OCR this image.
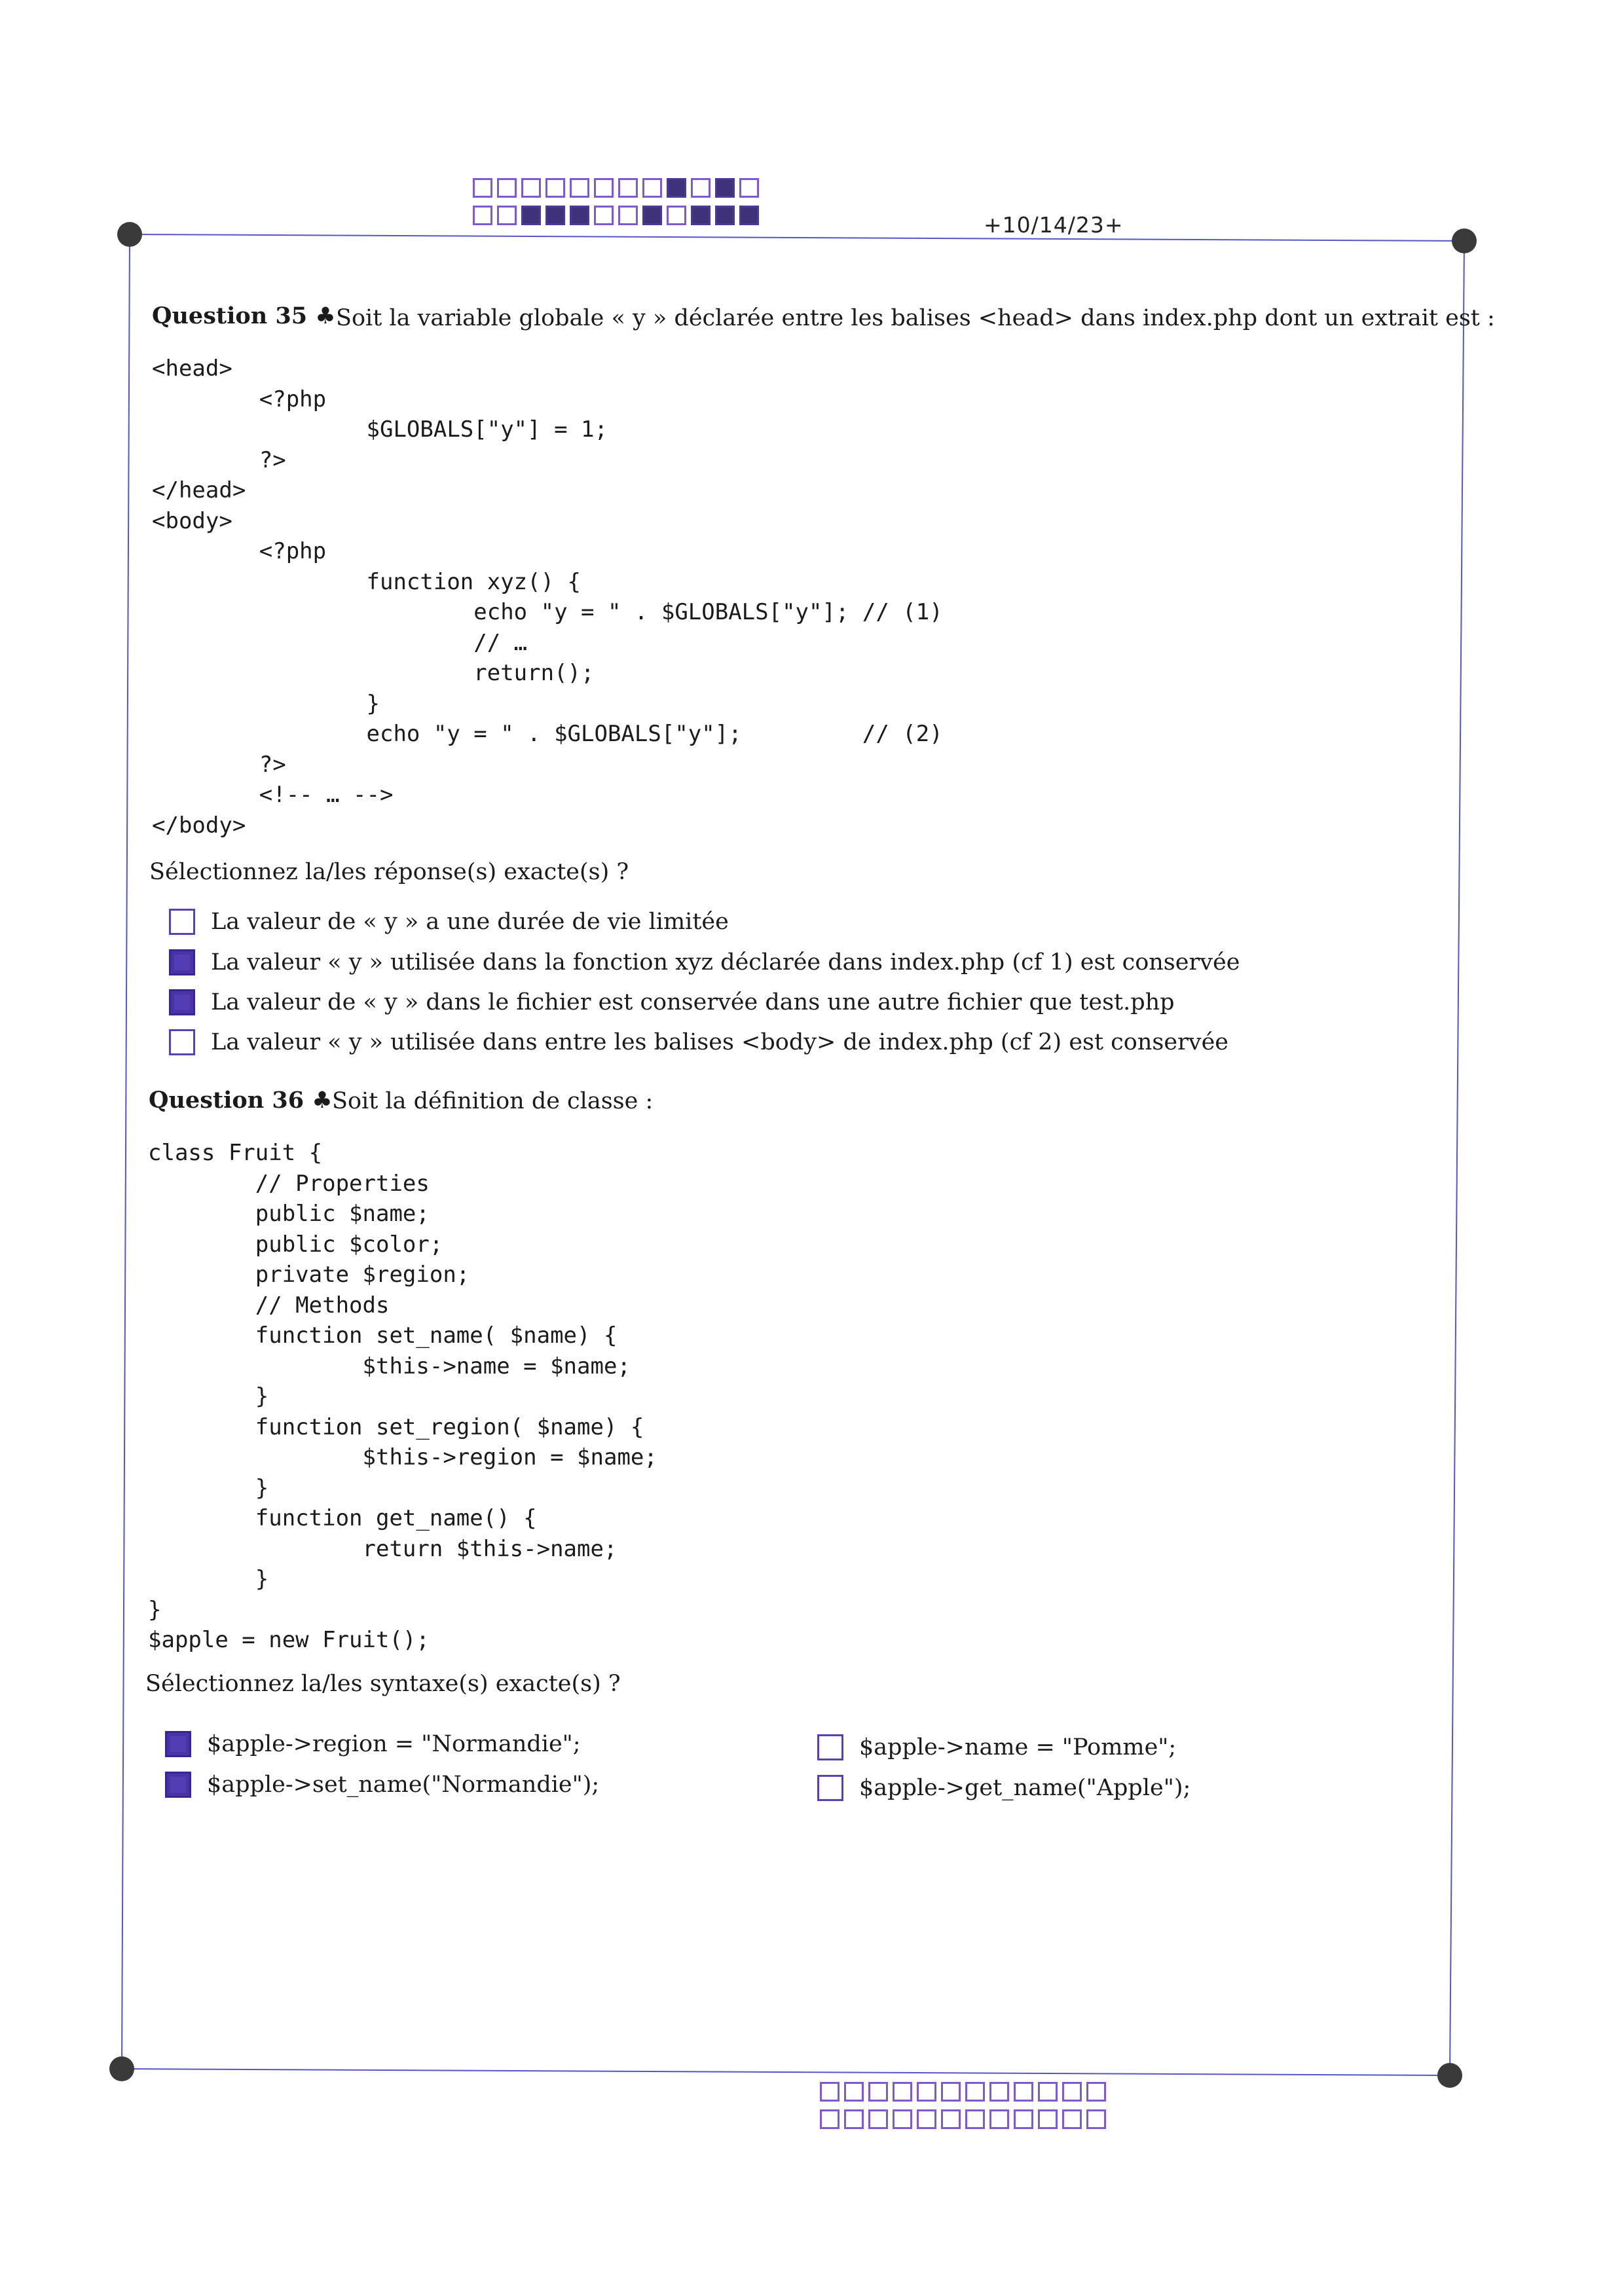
+10/14/23+
Question 35 ♣ Soit la variable globale « y » déclarée entre les balises <head> dans index.php dont un extrait est :
<head>
<?php
$GLOBALS["y"] = 1;
?>
</head>
<body>
<?php
function xyz() {
echo "y = " . $GLOBALS["y"]; // (1)
// …
return();
}
echo "y = " . $GLOBALS["y"];         // (2)
?>
<!-- … -->
</body>
Sélectionnez la/les réponse(s) exacte(s) ?
La valeur de « y » a une durée de vie limitée
La valeur « y » utilisée dans la fonction xyz déclarée dans index.php (cf 1) est conservée
La valeur de « y » dans le fichier est conservée dans une autre fichier que test.php
La valeur « y » utilisée dans entre les balises <body> de index.php (cf 2) est conservée
Question 36 ♣ Soit la définition de classe :
class Fruit {
// Properties
public $name;
public $color;
private $region;
// Methods
function set_name( $name) {
$this->name = $name;
}
function set_region( $name) {
$this->region = $name;
}
function get_name() {
return $this->name;
}
}
$apple = new Fruit();
Sélectionnez la/les syntaxe(s) exacte(s) ?
$apple->region = "Normandie";
$apple->set_name("Normandie");
$apple->name = "Pomme";
$apple->get_name("Apple");
